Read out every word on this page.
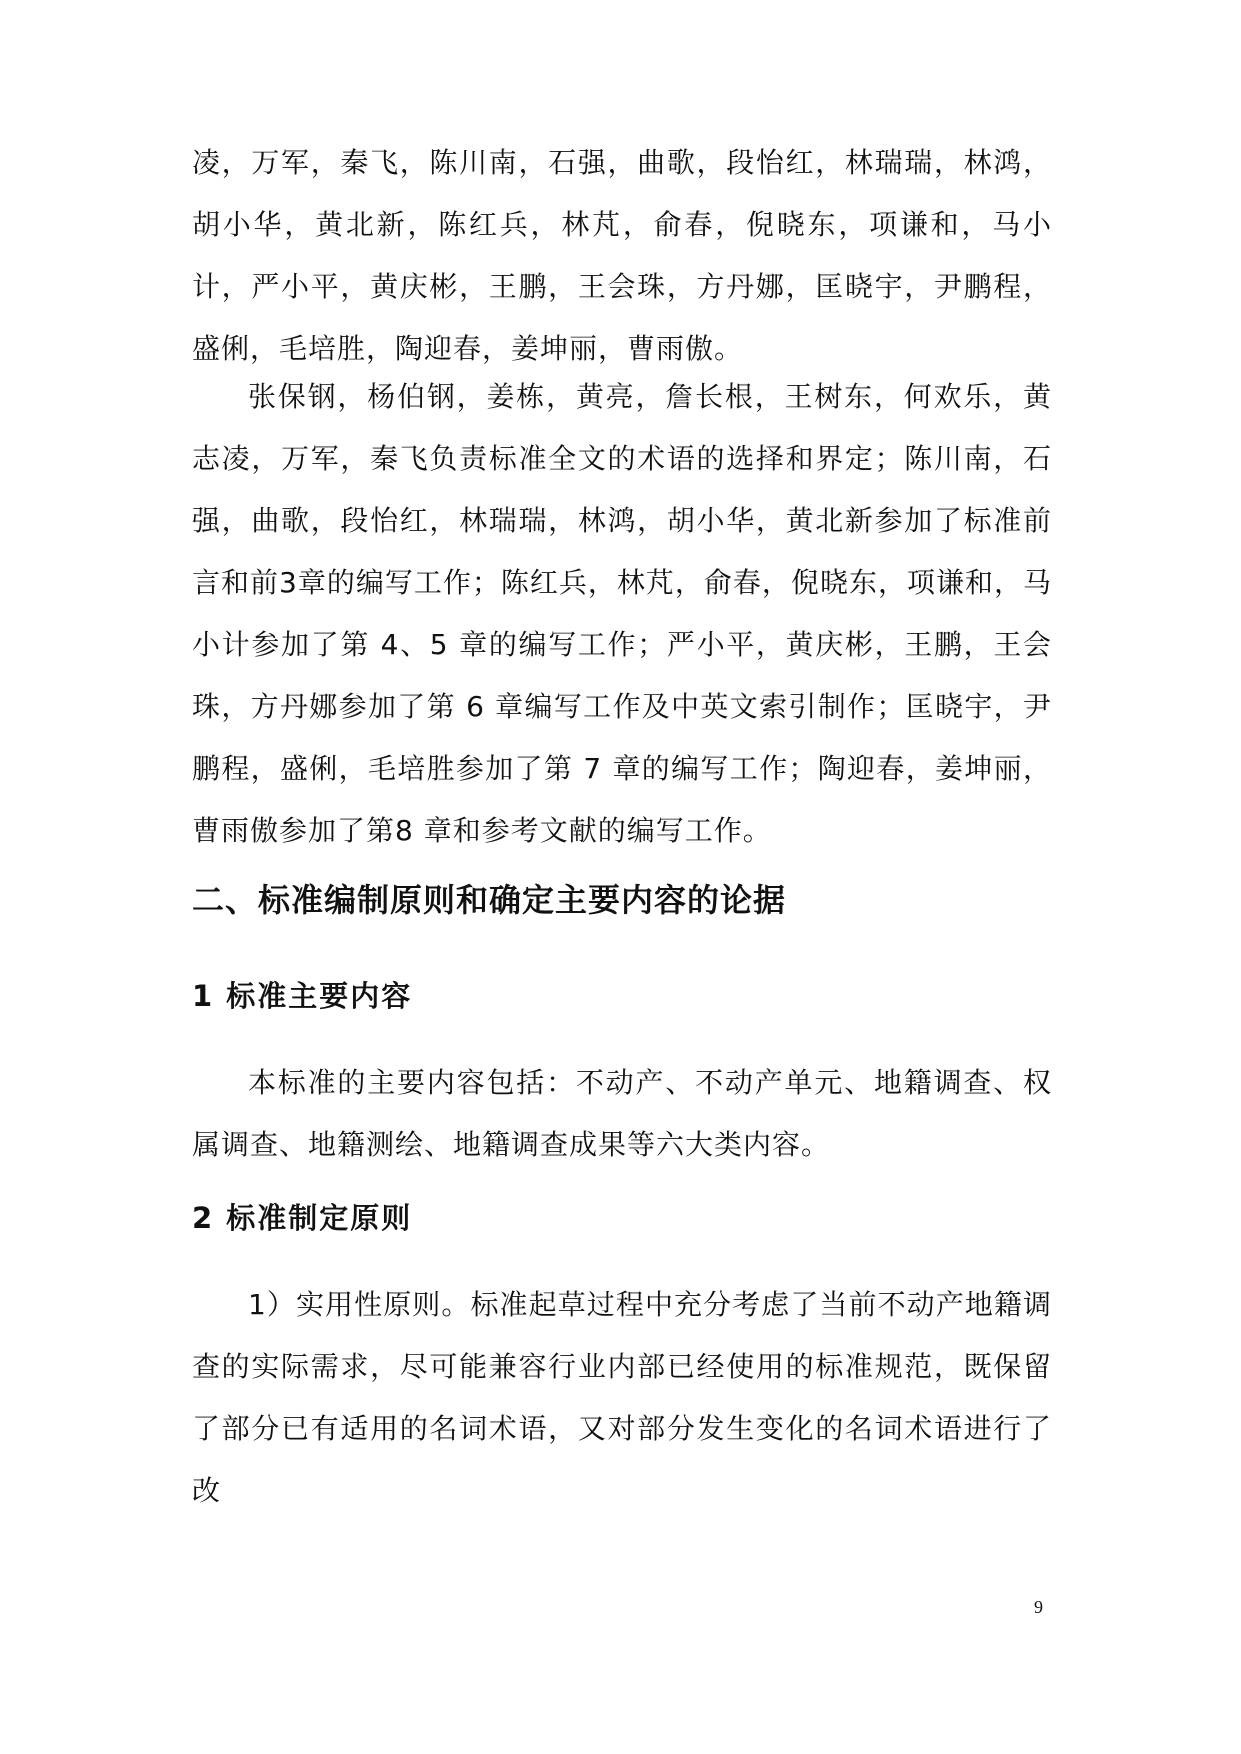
凌，万军，秦飞，陈川南，石强，曲歌，段怡红，林瑞瑞，林鸿，胡小华，黄北新，陈红兵，林芃，俞春，倪晓东，项谦和，马小计，严小平，黄庆彬，王鹏，王会珠，方丹娜，匡晓宇，尹鹏程，盛俐，毛培胜，陶迎春，姜坤丽，曹雨傲。

张保钢，杨伯钢，姜栋，黄亮，詹长根，王树东，何欢乐，黄志凌，万军，秦飞负责标准全文的术语的选择和界定；陈川南，石强，曲歌，段怡红，林瑞瑞，林鸿，胡小华，黄北新参加了标准前言和前3章的编写工作；陈红兵，林芃，俞春，倪晓东，项谦和，马小计参加了第 4、5 章的编写工作；严小平，黄庆彬，王鹏，王会珠，方丹娜参加了第 6 章编写工作及中英文索引制作；匡晓宇，尹鹏程，盛俐，毛培胜参加了第 7 章的编写工作；陶迎春，姜坤丽，曹雨傲参加了第8 章和参考文献的编写工作。

二、标准编制原则和确定主要内容的论据
1 标准主要内容

本标准的主要内容包括：不动产、不动产单元、地籍调查、权属调查、地籍测绘、地籍调查成果等六大类内容。

2 标准制定原则

1）实用性原则。标准起草过程中充分考虑了当前不动产地籍调查的实际需求，尽可能兼容行业内部已经使用的标准规范，既保留了部分已有适用的名词术语，又对部分发生变化的名词术语进行了改

9
